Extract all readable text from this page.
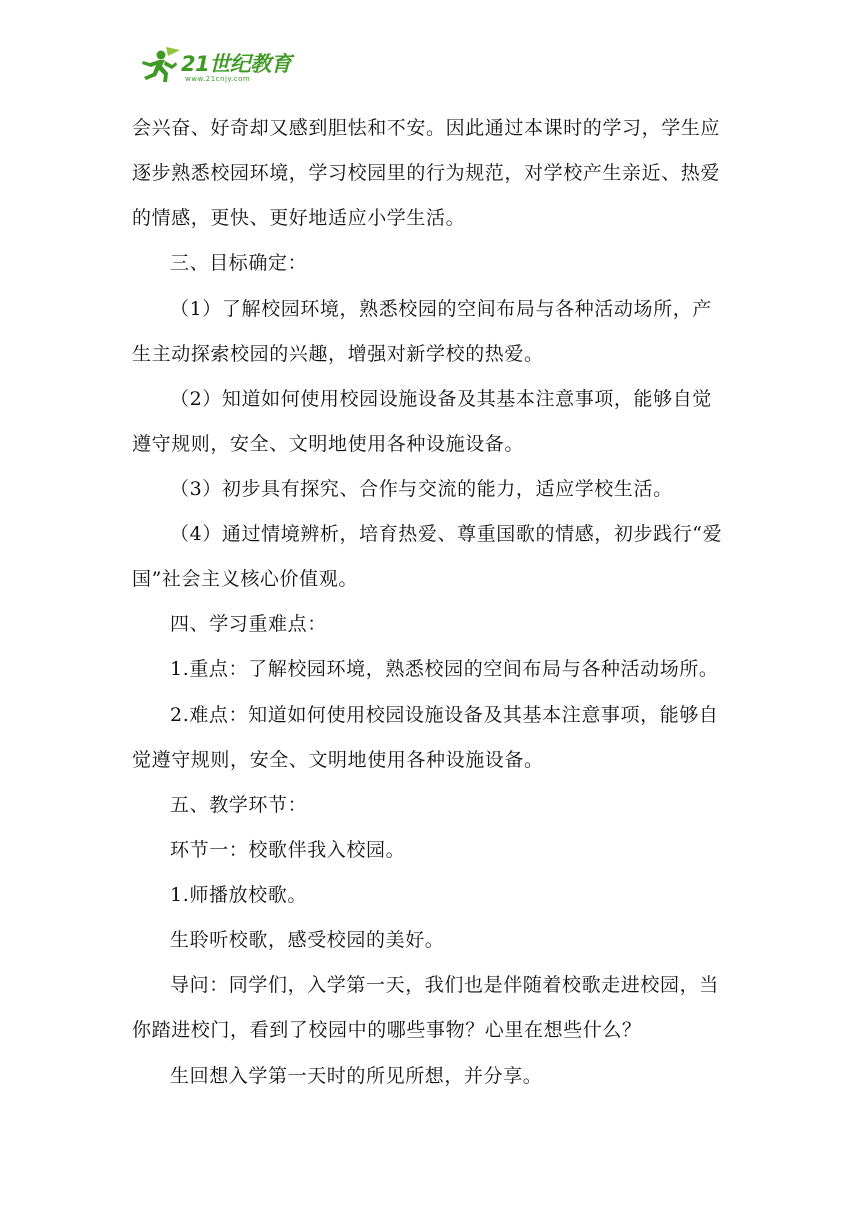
21世纪教育
www.21cnjy.com
会兴奋、好奇却又感到胆怯和不安。因此通过本课时的学习，学生应
逐步熟悉校园环境，学习校园里的行为规范，对学校产生亲近、热爱
的情感，更快、更好地适应小学生活。
三、目标确定：
（1）了解校园环境，熟悉校园的空间布局与各种活动场所，产
生主动探索校园的兴趣，增强对新学校的热爱。
（2）知道如何使用校园设施设备及其基本注意事项，能够自觉
遵守规则，安全、文明地使用各种设施设备。
（3）初步具有探究、合作与交流的能力，适应学校生活。
（4）通过情境辨析，培育热爱、尊重国歌的情感，初步践行“爱
国”社会主义核心价值观。
四、学习重难点：
1.重点：了解校园环境，熟悉校园的空间布局与各种活动场所。
2.难点：知道如何使用校园设施设备及其基本注意事项，能够自
觉遵守规则，安全、文明地使用各种设施设备。
五、教学环节：
环节一：校歌伴我入校园。
1.师播放校歌。
生聆听校歌，感受校园的美好。
导问：同学们，入学第一天，我们也是伴随着校歌走进校园，当
你踏进校门，看到了校园中的哪些事物？心里在想些什么？
生回想入学第一天时的所见所想，并分享。
